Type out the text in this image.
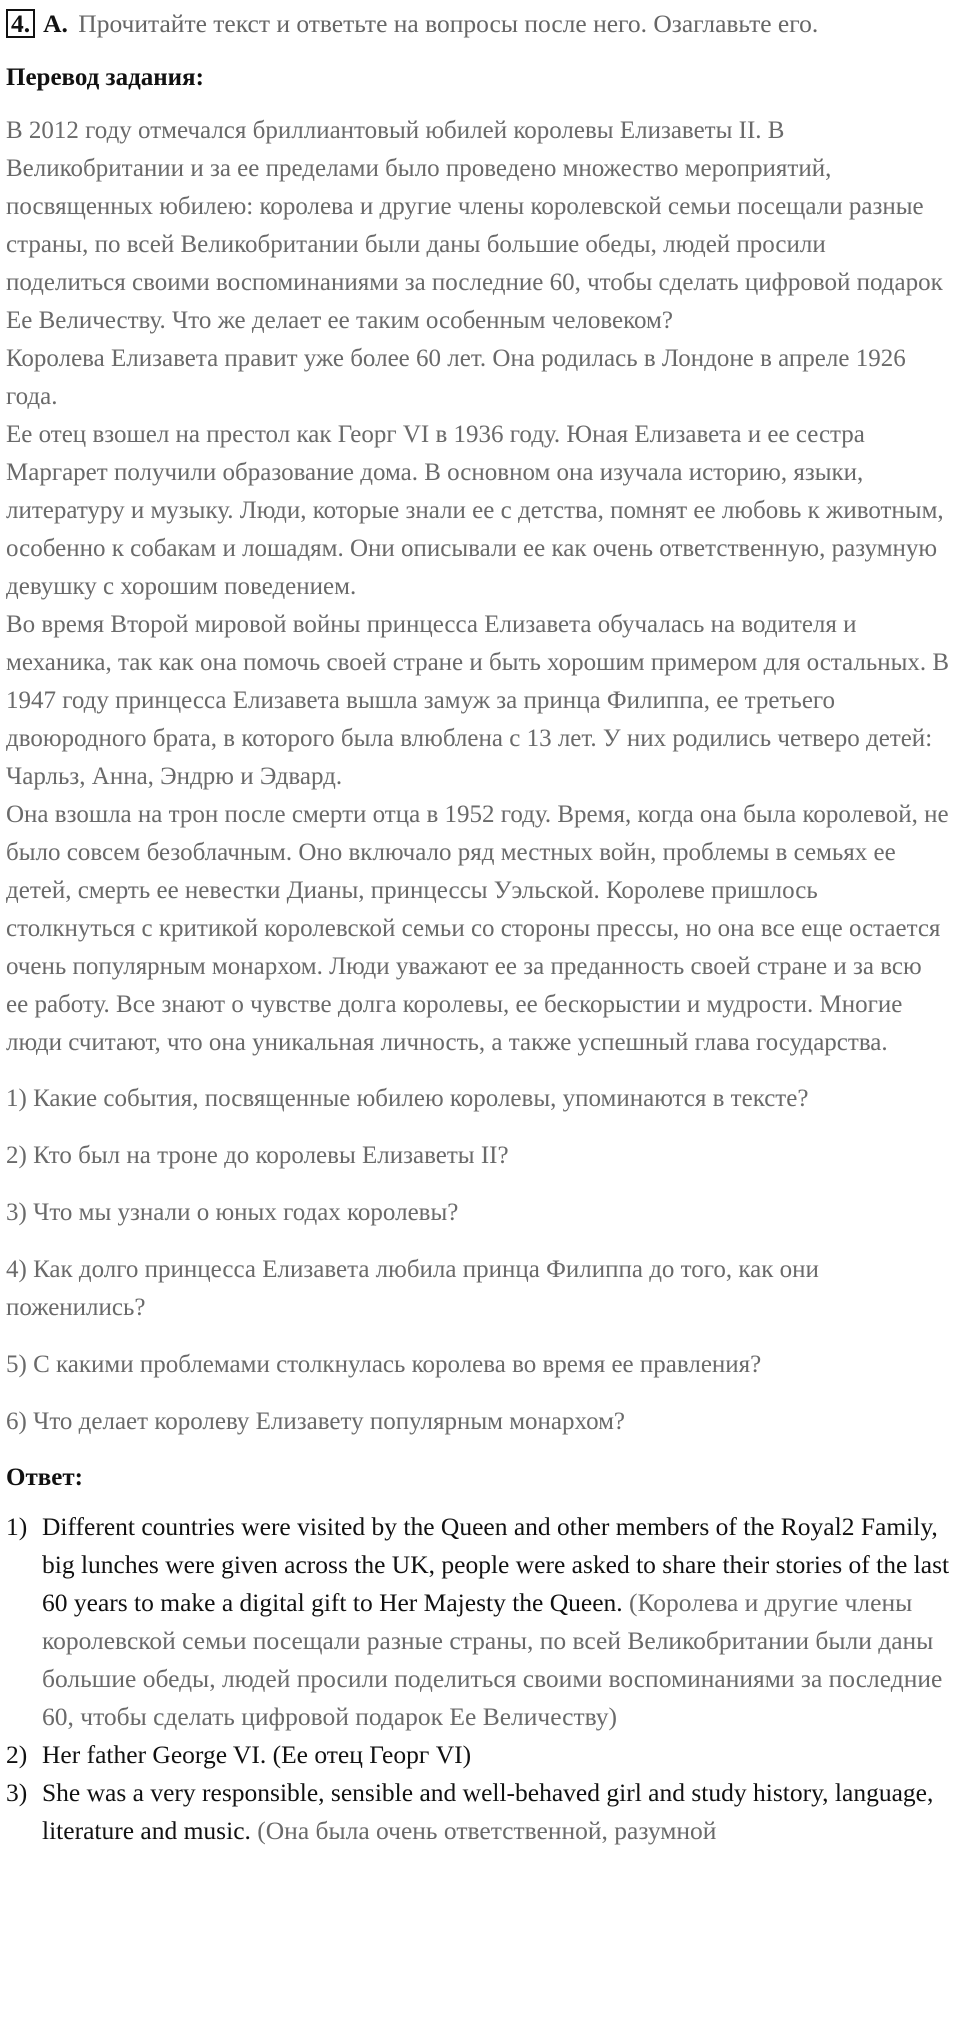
4. А. Прочитайте текст и ответьте на вопросы после него. Озаглавьте его.
Перевод задания:

В 2012 году отмечался бриллиантовый юбилей королевы Елизаветы II. В Великобритании и за ее пределами было проведено множество мероприятий, посвященных юбилею: королева и другие члены королевской семьи посещали разные страны, по всей Великобритании были даны большие обеды, людей просили поделиться своими воспоминаниями за последние 60, чтобы сделать цифровой подарок Ее Величеству. Что же делает ее таким особенным человеком?

Королева Елизавета правит уже более 60 лет. Она родилась в Лондоне в апреле 1926 года.

Ее отец взошел на престол как Георг VI в 1936 году. Юная Елизавета и ее сестра Маргарет получили образование дома. В основном она изучала историю, языки, литературу и музыку. Люди, которые знали ее с детства, помнят ее любовь к животным, особенно к собакам и лошадям. Они описывали ее как очень ответственную, разумную девушку с хорошим поведением.

Во время Второй мировой войны принцесса Елизавета обучалась на водителя и механика, так как она помочь своей стране и быть хорошим примером для остальных. В 1947 году принцесса Елизавета вышла замуж за принца Филиппа, ее третьего двоюродного брата, в которого была влюблена с 13 лет. У них родились четверо детей: Чарльз, Анна, Эндрю и Эдвард.

Она взошла на трон после смерти отца в 1952 году. Время, когда она была королевой, не было совсем безоблачным. Оно включало ряд местных войн, проблемы в семьях ее детей, смерть ее невестки Дианы, принцессы Уэльской. Королеве пришлось столкнуться с критикой королевской семьи со стороны прессы, но она все еще остается очень популярным монархом. Люди уважают ее за преданность своей стране и за всю ее работу. Все знают о чувстве долга королевы, ее бескорыстии и мудрости. Многие люди считают, что она уникальная личность, а также успешный глава государства.

1) Какие события, посвященные юбилею королевы, упоминаются в тексте?
2) Кто был на троне до королевы Елизаветы II?
3) Что мы узнали о юных годах королевы?
4) Как долго принцесса Елизавета любила принца Филиппа до того, как они поженились?
5) С какими проблемами столкнулась королева во время ее правления?
6) Что делает королеву Елизавету популярным монархом?
Ответ:
1) Different countries were visited by the Queen and other members of the Royal2 Family, big lunches were given across the UK, people were asked to share their stories of the last 60 years to make a digital gift to Her Majesty the Queen. (Королева и другие члены королевской семьи посещали разные страны, по всей Великобритании были даны большие обеды, людей просили поделиться своими воспоминаниями за последние 60, чтобы сделать цифровой подарок Ее Величеству)
2) Her father George VI. (Ее отец Георг VI)
3) She was a very responsible, sensible and well-behaved girl and study history, language, literature and music. (Она была очень ответственной, разумной
